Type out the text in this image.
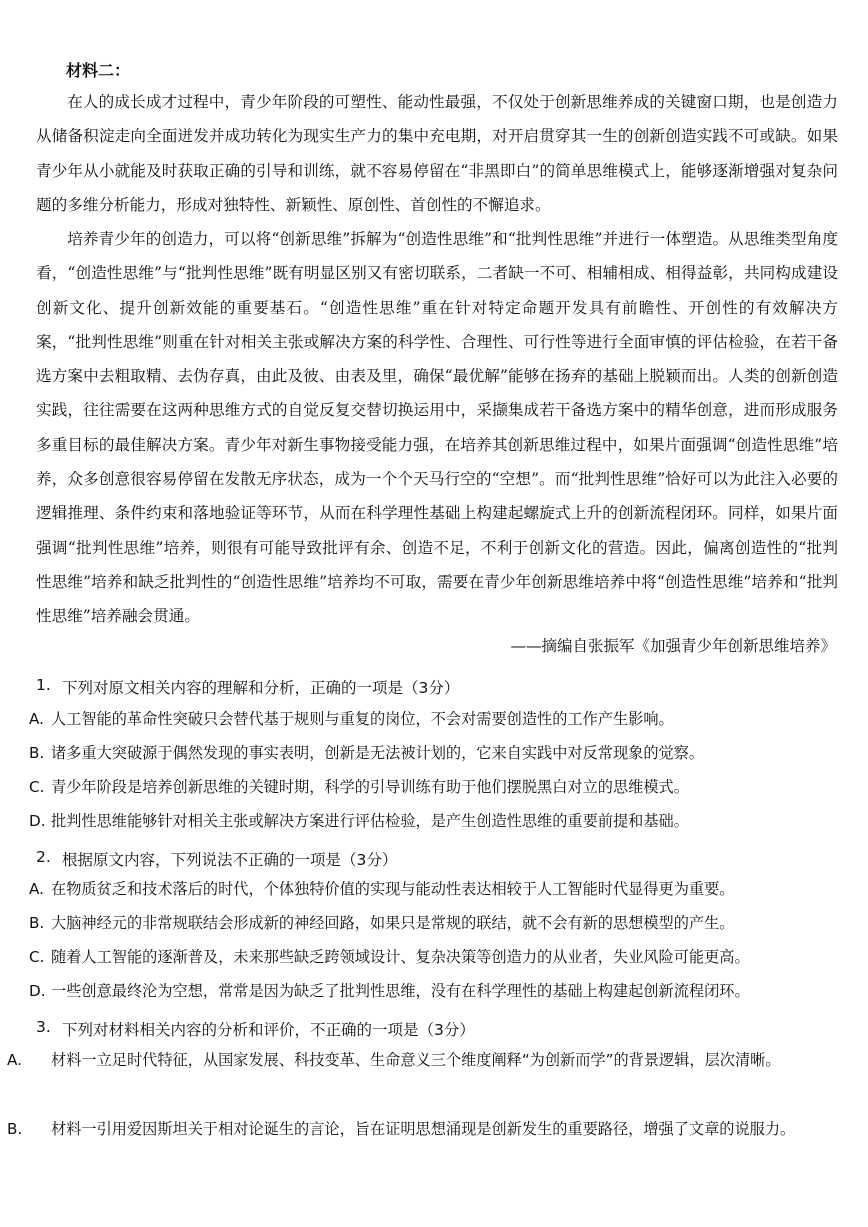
材料二：
在人的成长成才过程中，青少年阶段的可塑性、能动性最强，不仅处于创新思维养成的关键窗口期，也是创造力从储备积淀走向全面迸发并成功转化为现实生产力的集中充电期，对开启贯穿其一生的创新创造实践不可或缺。如果青少年从小就能及时获取正确的引导和训练，就不容易停留在“非黑即白”的简单思维模式上，能够逐渐增强对复杂问题的多维分析能力，形成对独特性、新颖性、原创性、首创性的不懈追求。
培养青少年的创造力，可以将“创新思维”拆解为“创造性思维”和“批判性思维”并进行一体塑造。从思维类型角度看，“创造性思维”与“批判性思维”既有明显区别又有密切联系，二者缺一不可、相辅相成、相得益彰，共同构成建设创新文化、提升创新效能的重要基石。“创造性思维”重在针对特定命题开发具有前瞻性、开创性的有效解决方案，“批判性思维”则重在针对相关主张或解决方案的科学性、合理性、可行性等进行全面审慎的评估检验，在若干备选方案中去粗取精、去伪存真，由此及彼、由表及里，确保“最优解”能够在扬弃的基础上脱颖而出。人类的创新创造实践，往往需要在这两种思维方式的自觉反复交替切换运用中，采撷集成若干备选方案中的精华创意，进而形成服务多重目标的最佳解决方案。青少年对新生事物接受能力强，在培养其创新思维过程中，如果片面强调“创造性思维”培养，众多创意很容易停留在发散无序状态，成为一个个天马行空的“空想”。而“批判性思维”恰好可以为此注入必要的逻辑推理、条件约束和落地验证等环节，从而在科学理性基础上构建起螺旋式上升的创新流程闭环。同样，如果片面强调“批判性思维”培养，则很有可能导致批评有余、创造不足，不利于创新文化的营造。因此，偏离创造性的“批判性思维”培养和缺乏批判性的“创造性思维”培养均不可取，需要在青少年创新思维培养中将“创造性思维”培养和“批判性思维”培养融会贯通。
——摘编自张振军《加强青少年创新思维培养》
1. 下列对原文相关内容的理解和分析，正确的一项是（3分）
A. 人工智能的革命性突破只会替代基于规则与重复的岗位，不会对需要创造性的工作产生影响。
B. 诸多重大突破源于偶然发现的事实表明，创新是无法被计划的，它来自实践中对反常现象的觉察。
C. 青少年阶段是培养创新思维的关键时期，科学的引导训练有助于他们摆脱黑白对立的思维模式。
D. 批判性思维能够针对相关主张或解决方案进行评估检验，是产生创造性思维的重要前提和基础。
2. 根据原文内容，下列说法不正确的一项是（3分）
A. 在物质贫乏和技术落后的时代，个体独特价值的实现与能动性表达相较于人工智能时代显得更为重要。
B. 大脑神经元的非常规联结会形成新的神经回路，如果只是常规的联结，就不会有新的思想模型的产生。
C. 随着人工智能的逐渐普及，未来那些缺乏跨领域设计、复杂决策等创造力的从业者，失业风险可能更高。
D. 一些创意最终沦为空想，常常是因为缺乏了批判性思维，没有在科学理性的基础上构建起创新流程闭环。
3. 下列对材料相关内容的分析和评价，不正确的一项是（3分）
A. 材料一立足时代特征，从国家发展、科技变革、生命意义三个维度阐释“为创新而学”的背景逻辑，层次清晰。
B. 材料一引用爱因斯坦关于相对论诞生的言论，旨在证明思想涌现是创新发生的重要路径，增强了文章的说服力。
